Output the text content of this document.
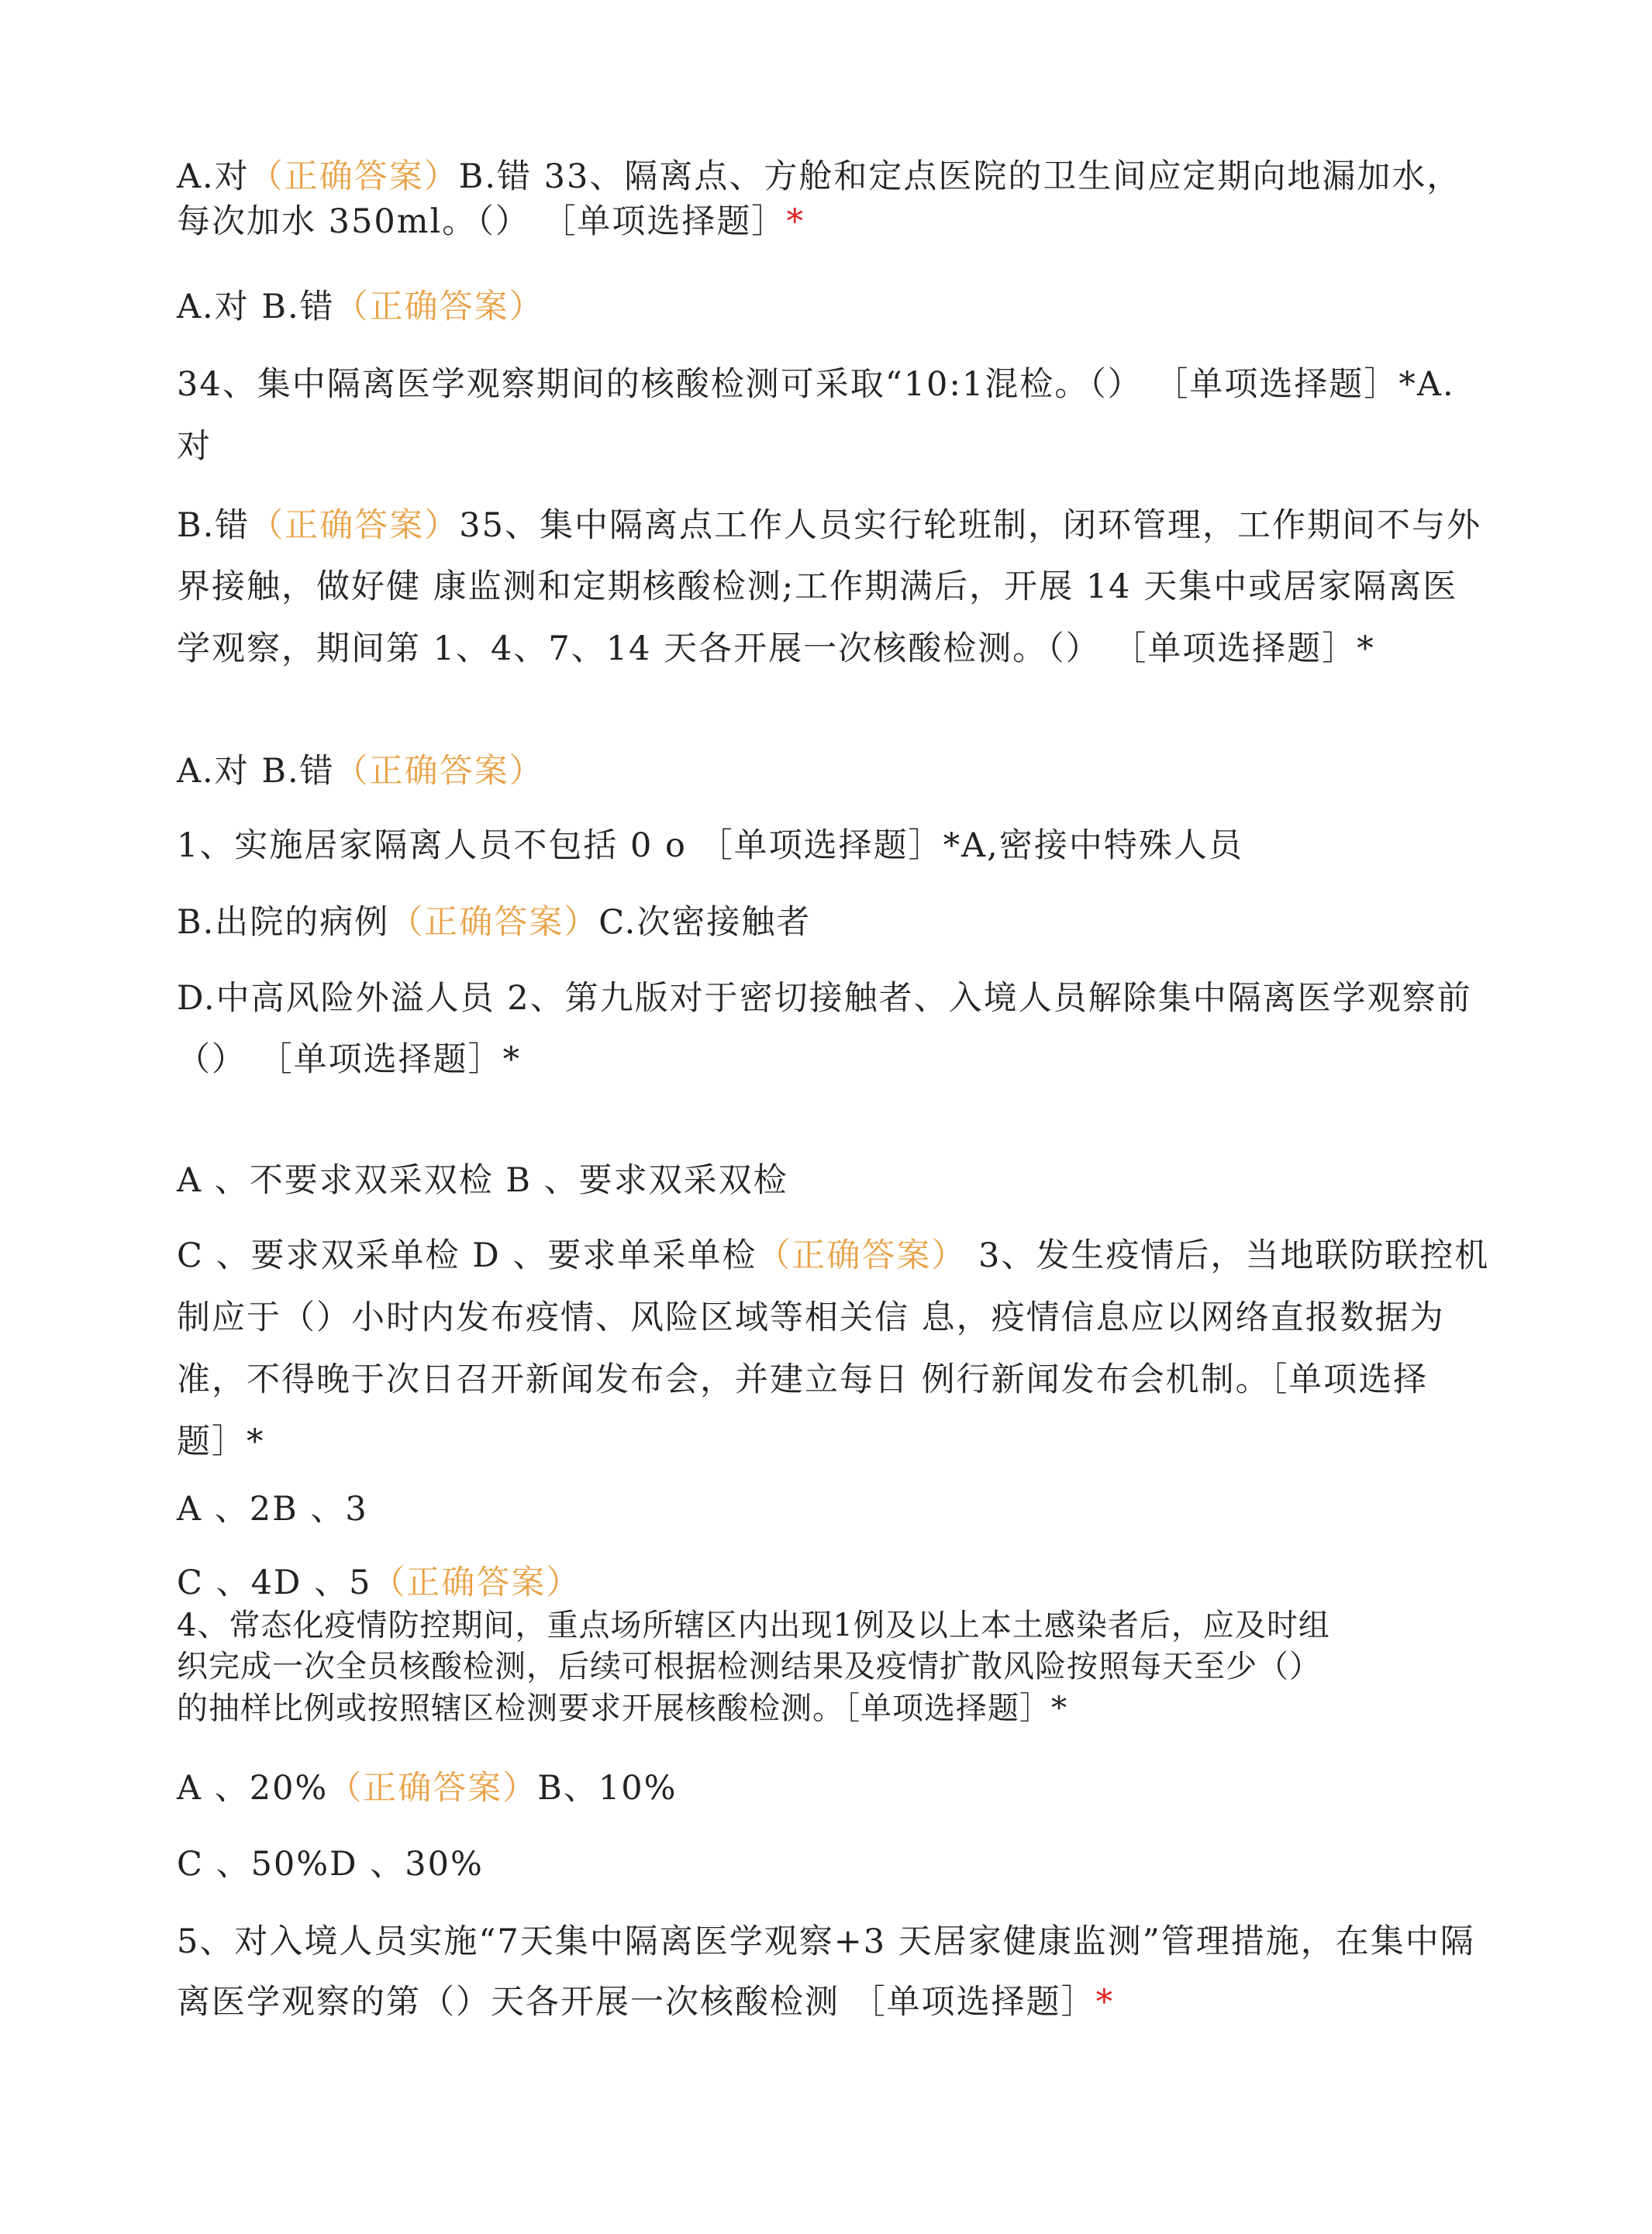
A.对（正确答案）B.错 33、隔离点、方舱和定点医院的卫生间应定期向地漏加水，
每次加水 350ml。（） ［单项选择题］*
A.对 B.错（正确答案）
34、集中隔离医学观察期间的核酸检测可采取“10:1混检。（） ［单项选择题］*A.
对
B.错（正确答案）35、集中隔离点工作人员实行轮班制，闭环管理，工作期间不与外
界接触，做好健 康监测和定期核酸检测;工作期满后，开展 14 天集中或居家隔离医
学观察，期间第 1、4、7、14 天各开展一次核酸检测。（） ［单项选择题］*
A.对 B.错（正确答案）
1、实施居家隔离人员不包括 0 o ［单项选择题］*A,密接中特殊人员
B.出院的病例（正确答案）C.次密接触者
D.中高风险外溢人员 2、第九版对于密切接触者、入境人员解除集中隔离医学观察前
（） ［单项选择题］*
A 、不要求双采双检 B 、要求双采双检
C 、要求双采单检 D 、要求单采单检（正确答案） 3、发生疫情后，当地联防联控机
制应于（）小时内发布疫情、风险区域等相关信 息，疫情信息应以网络直报数据为
准，不得晚于次日召开新闻发布会，并建立每日 例行新闻发布会机制。［单项选择
题］*
A 、2B 、3
C 、4D 、5（正确答案）
4、常态化疫情防控期间，重点场所辖区内出现1例及以上本土感染者后，应及时组
织完成一次全员核酸检测，后续可根据检测结果及疫情扩散风险按照每天至少（）
的抽样比例或按照辖区检测要求开展核酸检测。［单项选择题］*
A 、20%（正确答案）B、10%
C 、50%D 、30%
5、对入境人员实施“7天集中隔离医学观察+3 天居家健康监测”管理措施，在集中隔
离医学观察的第（）天各开展一次核酸检测 ［单项选择题］*
